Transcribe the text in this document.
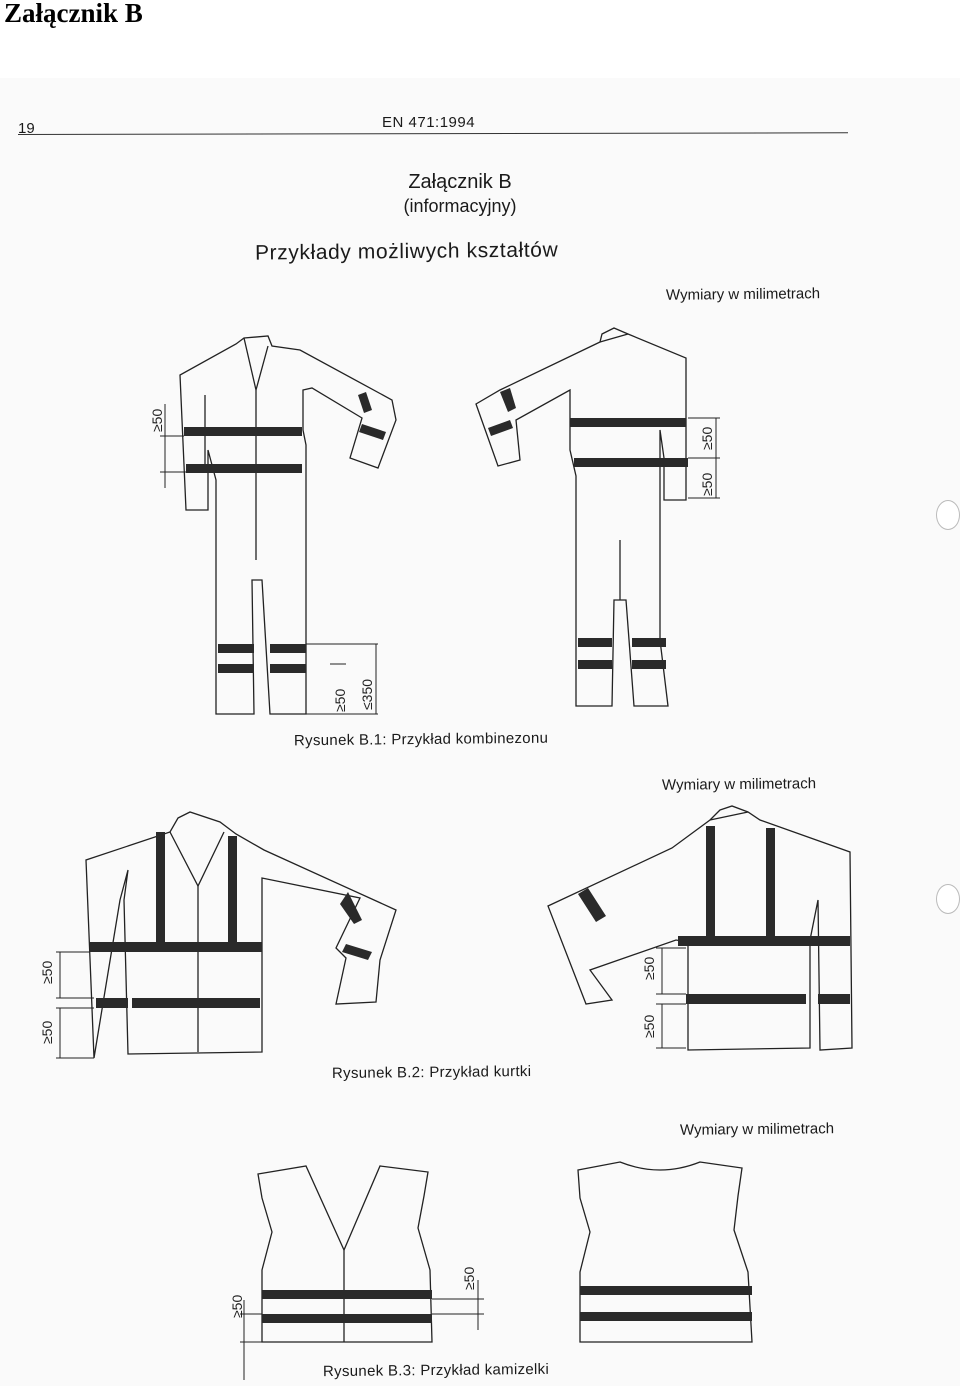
Załącznik B
19	EN 471:1994
Załącznik B
(informacyjny)
Przykłady możliwych kształtów
Wymiary w milimetrach
Wymiary w milimetrach
Wymiary w milimetrach
Rysunek B.1: Przykład kombinezonu
Rysunek B.2: Przykład kurtki
Rysunek B.3: Przykład kamizelki
≥50
≥50 ≤350
≥50
≥50
≥50
≥50
≥50
≥50
≥50
≥50
